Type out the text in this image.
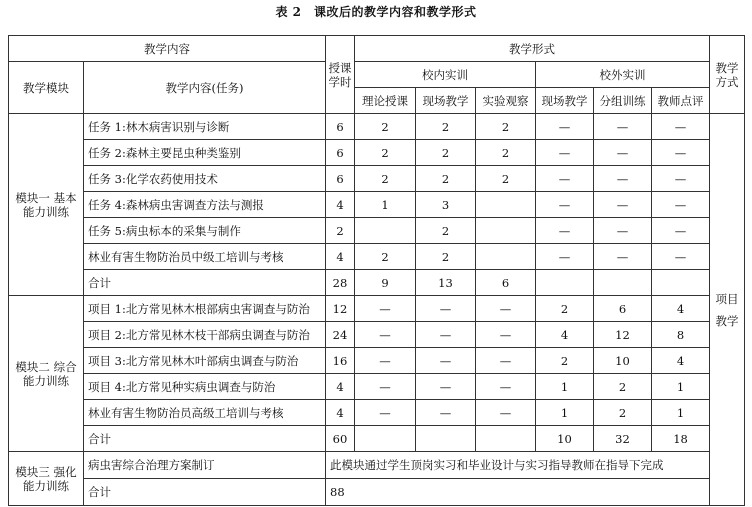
表 2　课改后的教学内容和教学形式
教学内容		授课学时	教学形式						教学方式
教学模块	教学内容(任务)		校内实训			校外实训			
			理论授课	现场教学	实验观察	现场教学	分组训练	教师点评	
模块一 基本能力训练	任务 1:林木病害识别与诊断	6	2	2	2	—	—	—	项目教学
	任务 2:森林主要昆虫种类鉴别	6	2	2	2	—	—	—	
	任务 3:化学农药使用技术	6	2	2	2	—	—	—	
	任务 4:森林病虫害调查方法与测报	4	1	3		—	—	—	
	任务 5:病虫标本的采集与制作	2		2		—	—	—	
	林业有害生物防治员中级工培训与考核	4	2	2		—	—	—	
	合计	28	9	13	6				
模块二 综合能力训练	项目 1:北方常见林木根部病虫害调查与防治	12	—	—	—	2	6	4	
	项目 2:北方常见林木枝干部病虫调查与防治	24	—	—	—	4	12	8	
	项目 3:北方常见林木叶部病虫调查与防治	16	—	—	—	2	10	4	
	项目 4:北方常见种实病虫调查与防治	4	—	—	—	1	2	1	
	林业有害生物防治员高级工培训与考核	4	—	—	—	1	2	1	
	合计	60				10	32	18	
模块三 强化能力训练	病虫害综合治理方案制订	此模块通过学生顶岗实习和毕业设计与实习指导教师在指导下完成							
	合计	88							
